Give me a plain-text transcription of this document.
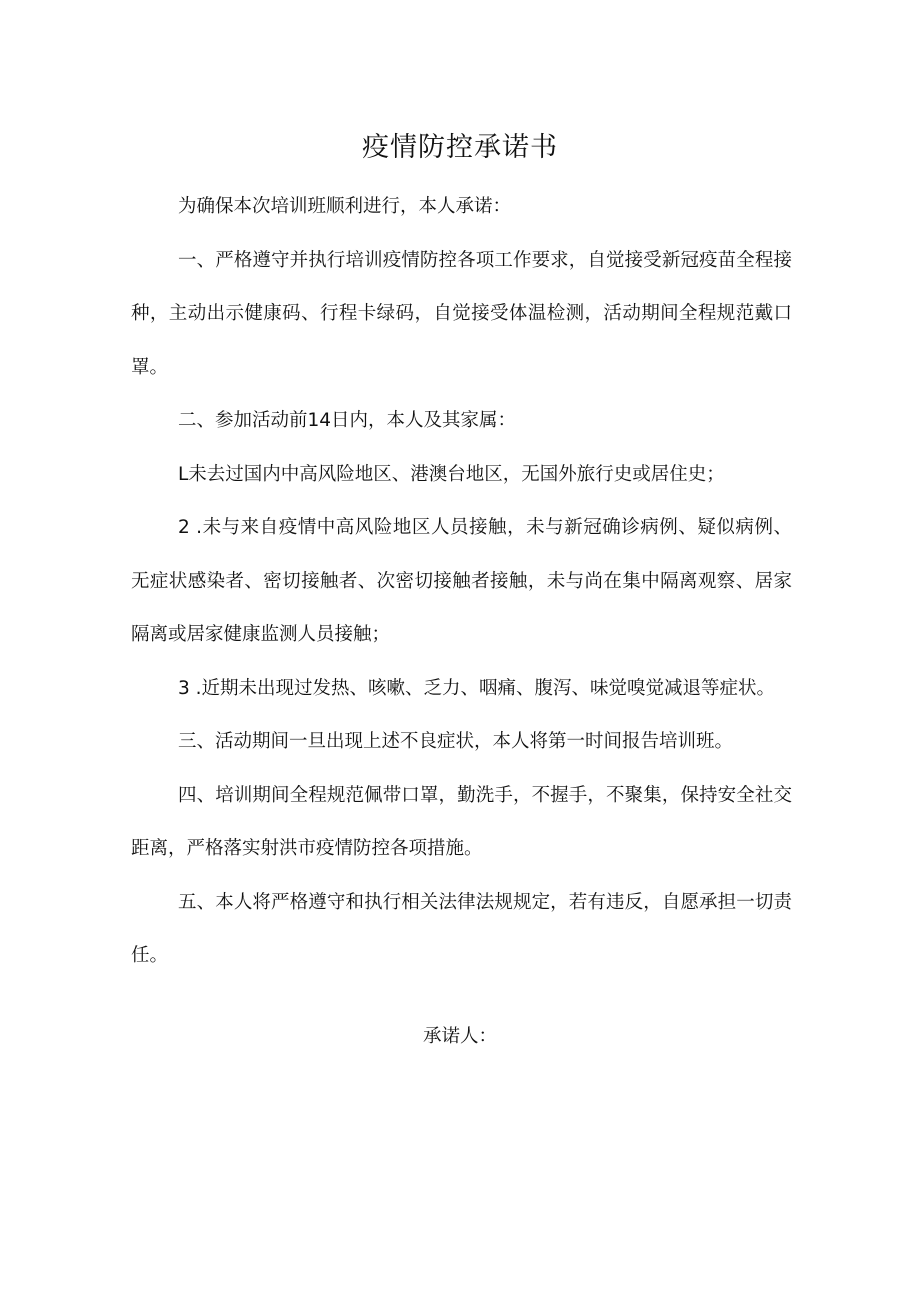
疫情防控承诺书

为确保本次培训班顺利进行，本人承诺：

一、严格遵守并执行培训疫情防控各项工作要求，自觉接受新冠疫苗全程接种，主动出示健康码、行程卡绿码，自觉接受体温检测，活动期间全程规范戴口罩。

二、参加活动前14日内，本人及其家属：

L未去过国内中高风险地区、港澳台地区，无国外旅行史或居住史；

2 .未与来自疫情中高风险地区人员接触，未与新冠确诊病例、疑似病例、无症状感染者、密切接触者、次密切接触者接触，未与尚在集中隔离观察、居家隔离或居家健康监测人员接触；

3 .近期未出现过发热、咳嗽、乏力、咽痛、腹泻、味觉嗅觉减退等症状。

三、活动期间一旦出现上述不良症状，本人将第一时间报告培训班。

四、培训期间全程规范佩带口罩，勤洗手，不握手，不聚集，保持安全社交距离，严格落实射洪市疫情防控各项措施。

五、本人将严格遵守和执行相关法律法规规定，若有违反，自愿承担一切责任。

承诺人：
